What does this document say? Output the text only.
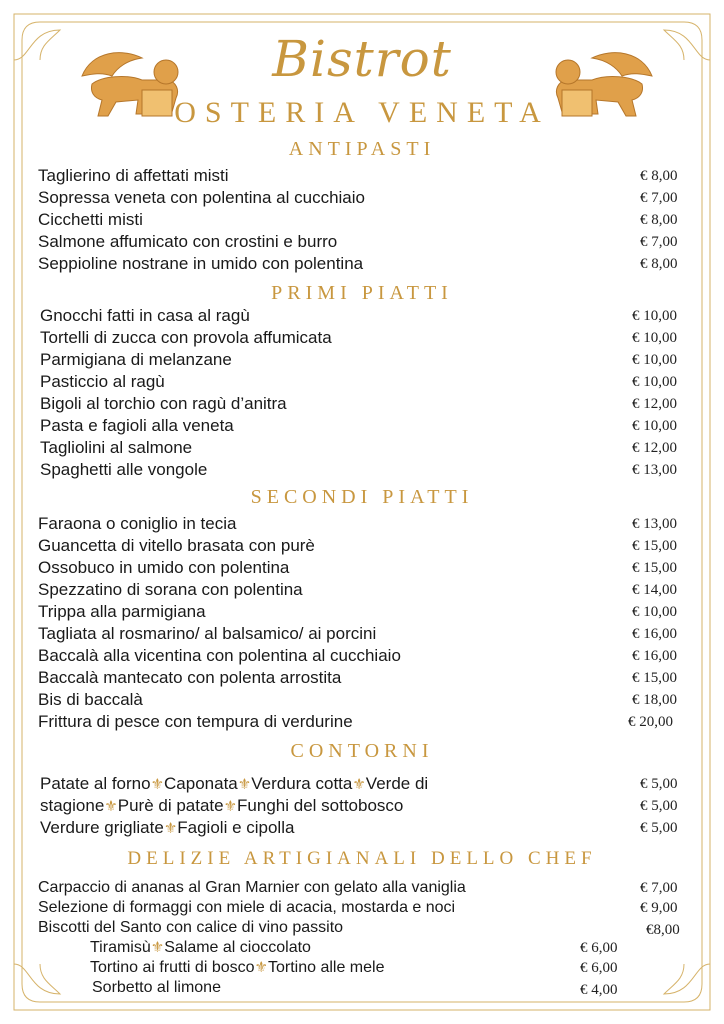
Bistrot
OSTERIA VENETA
ANTIPASTI
Taglierino di affettati misti	€ 8,00
Sopressa veneta con polentina al cucchiaio	€ 7,00
Cicchetti misti	€ 8,00
Salmone affumicato con crostini e burro	€ 7,00
Seppioline nostrane in umido con polentina	€ 8,00
PRIMI PIATTI
Gnocchi fatti in casa al ragù	€ 10,00
Tortelli di zucca con provola affumicata	€ 10,00
Parmigiana di melanzane	€ 10,00
Pasticcio al ragù	€ 10,00
Bigoli al torchio con ragù d’anitra	€ 12,00
Pasta e fagioli alla veneta	€ 10,00
Tagliolini al salmone	€ 12,00
Spaghetti alle vongole	€ 13,00
SECONDI PIATTI
Faraona o coniglio in tecia	€ 13,00
Guancetta di vitello brasata con purè	€ 15,00
Ossobuco in umido con polentina	€ 15,00
Spezzatino di sorana con polentina	€ 14,00
Trippa alla parmigiana	€ 10,00
Tagliata al rosmarino/ al balsamico/ ai porcini	€ 16,00
Baccalà alla vicentina con polentina al cucchiaio	€ 16,00
Baccalà mantecato con polenta arrostita	€ 15,00
Bis di baccalà	€ 18,00
Frittura di pesce con tempura di verdurine	€ 20,00
CONTORNI
Patate al forno⚜Caponata⚜Verdura cotta⚜Verde di	€ 5,00
stagione⚜Purè di patate⚜Funghi del sottobosco	€ 5,00
Verdure grigliate⚜Fagioli e cipolla	€ 5,00
DELIZIE ARTIGIANALI DELLO CHEF
Carpaccio di ananas al Gran Marnier con gelato alla vaniglia	€ 7,00
Selezione di formaggi con miele di acacia, mostarda e noci	€ 9,00
Biscotti del Santo con calice di vino passito	€8,00
Tiramisù⚜Salame al cioccolato	€ 6,00
Tortino ai frutti di bosco⚜Tortino alle mele	€ 6,00
Sorbetto al limone	€ 4,00
